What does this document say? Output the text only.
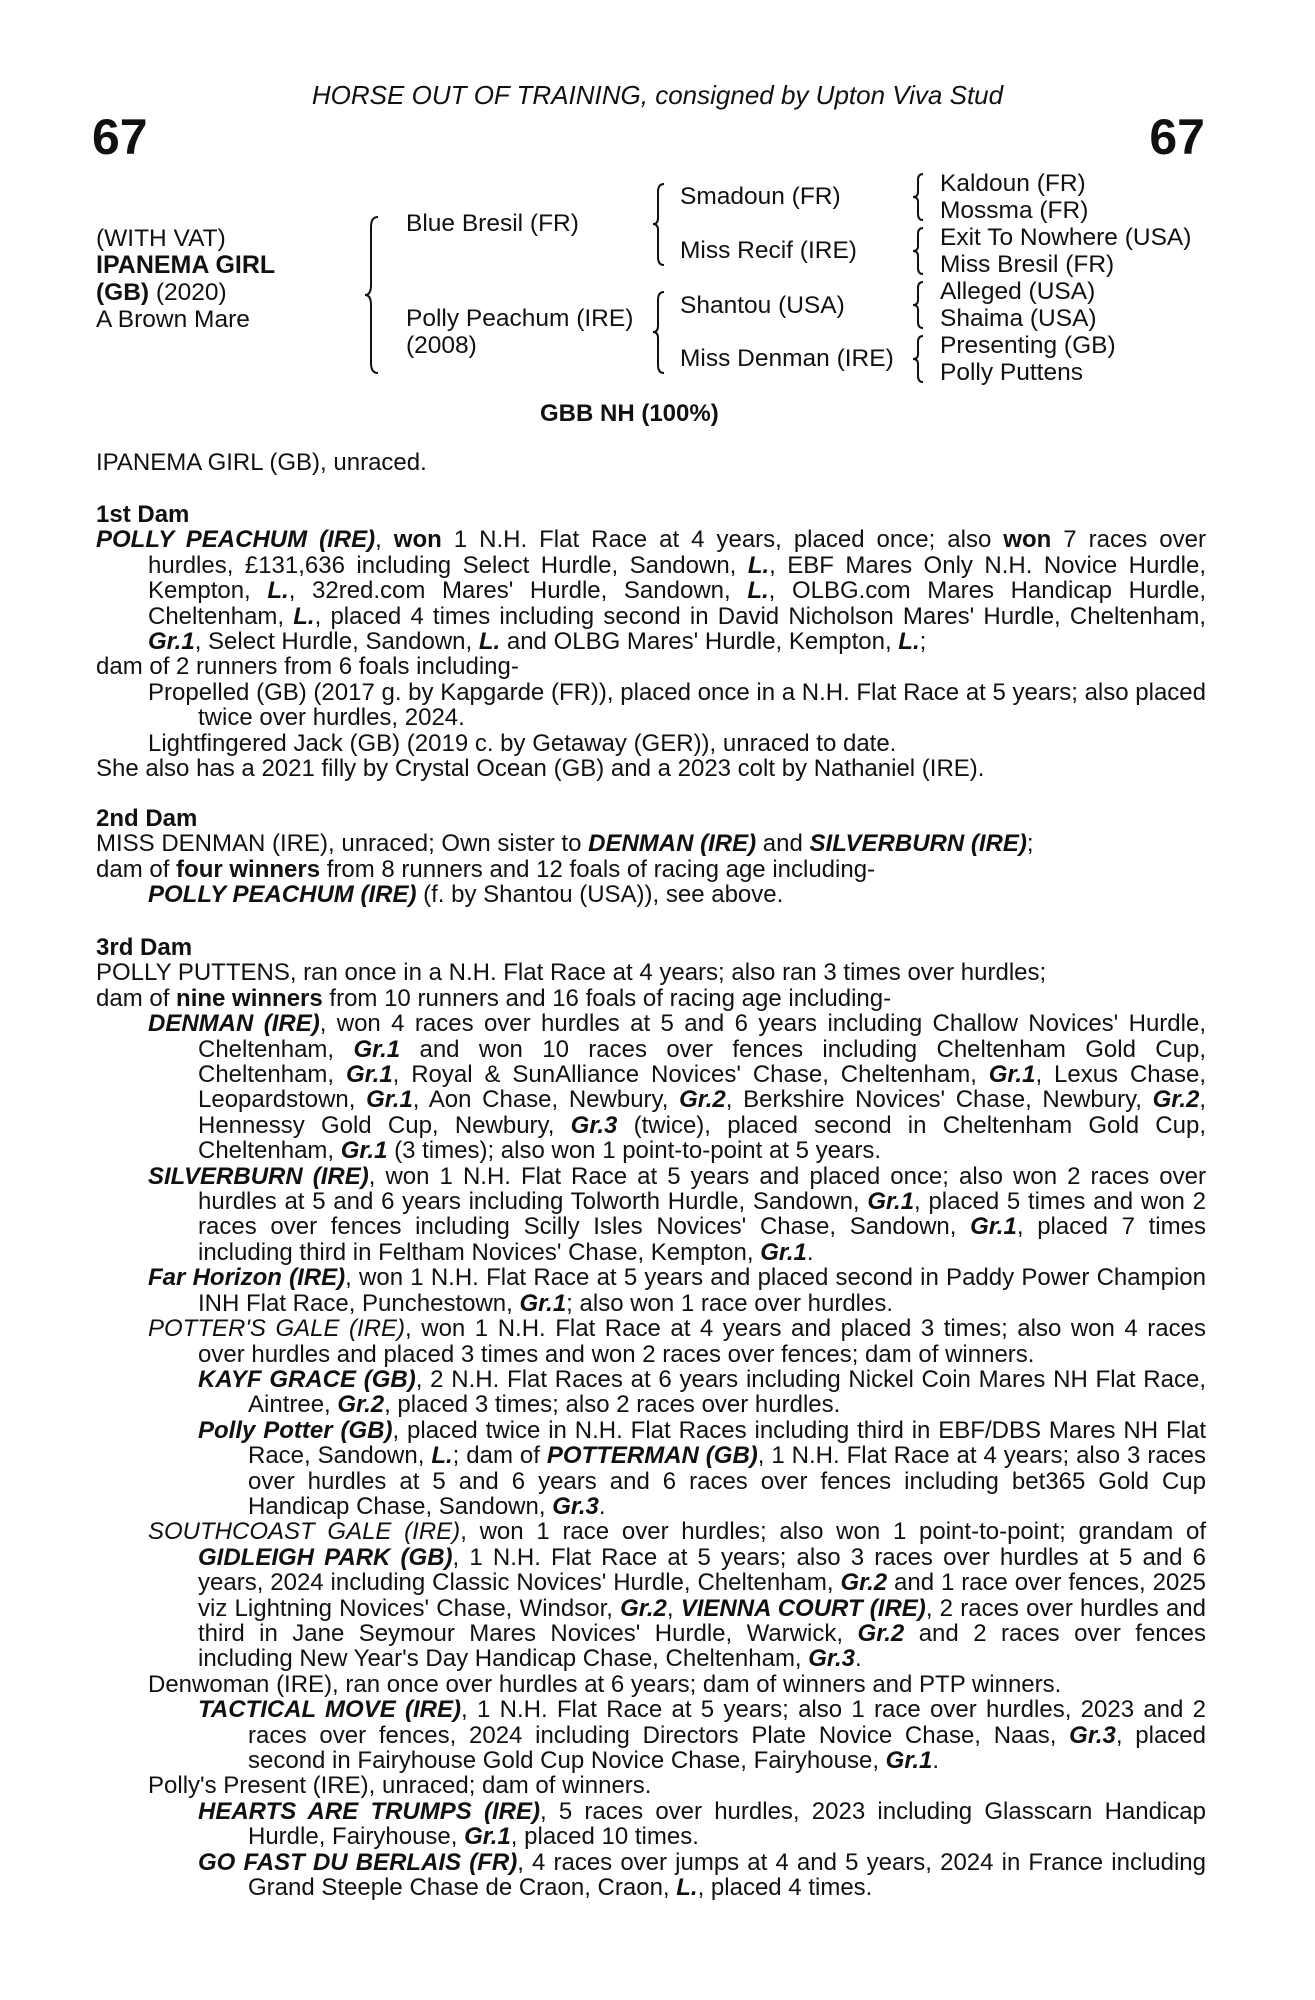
HORSE OUT OF TRAINING, consigned by Upton Viva Stud
67	67
(WITH VAT)
IPANEMA GIRL
(GB) (2020)
A Brown Mare
Blue Bresil (FR)
Polly Peachum (IRE)
(2008)
Smadoun (FR)
Miss Recif (IRE)
Shantou (USA)
Miss Denman (IRE)
Kaldoun (FR)
Mossma (FR)
Exit To Nowhere (USA)
Miss Bresil (FR)
Alleged (USA)
Shaima (USA)
Presenting (GB)
Polly Puttens
GBB NH (100%)

IPANEMA GIRL (GB), unraced.

1st Dam

POLLY PEACHUM (IRE), won 1 N.H. Flat Race at 4 years, placed once; also won 7 races over hurdles, £131,636 including Select Hurdle, Sandown, L., EBF Mares Only N.H. Novice Hurdle, Kempton, L., 32red.com Mares' Hurdle, Sandown, L., OLBG.com Mares Handicap Hurdle, Cheltenham, L., placed 4 times including second in David Nicholson Mares' Hurdle, Cheltenham, Gr.1, Select Hurdle, Sandown, L. and OLBG Mares' Hurdle, Kempton, L.;

dam of 2 runners from 6 foals including-

Propelled (GB) (2017 g. by Kapgarde (FR)), placed once in a N.H. Flat Race at 5 years; also placed twice over hurdles, 2024.

Lightfingered Jack (GB) (2019 c. by Getaway (GER)), unraced to date.

She also has a 2021 filly by Crystal Ocean (GB) and a 2023 colt by Nathaniel (IRE).

2nd Dam

MISS DENMAN (IRE), unraced; Own sister to DENMAN (IRE) and SILVERBURN (IRE);

dam of four winners from 8 runners and 12 foals of racing age including-

POLLY PEACHUM (IRE) (f. by Shantou (USA)), see above.

3rd Dam

POLLY PUTTENS, ran once in a N.H. Flat Race at 4 years; also ran 3 times over hurdles;

dam of nine winners from 10 runners and 16 foals of racing age including-

DENMAN (IRE), won 4 races over hurdles at 5 and 6 years including Challow Novices' Hurdle, Cheltenham, Gr.1 and won 10 races over fences including Cheltenham Gold Cup, Cheltenham, Gr.1, Royal & SunAlliance Novices' Chase, Cheltenham, Gr.1, Lexus Chase, Leopardstown, Gr.1, Aon Chase, Newbury, Gr.2, Berkshire Novices' Chase, Newbury, Gr.2, Hennessy Gold Cup, Newbury, Gr.3 (twice), placed second in Cheltenham Gold Cup, Cheltenham, Gr.1 (3 times); also won 1 point-to-point at 5 years.

SILVERBURN (IRE), won 1 N.H. Flat Race at 5 years and placed once; also won 2 races over hurdles at 5 and 6 years including Tolworth Hurdle, Sandown, Gr.1, placed 5 times and won 2 races over fences including Scilly Isles Novices' Chase, Sandown, Gr.1, placed 7 times including third in Feltham Novices' Chase, Kempton, Gr.1.

Far Horizon (IRE), won 1 N.H. Flat Race at 5 years and placed second in Paddy Power Champion INH Flat Race, Punchestown, Gr.1; also won 1 race over hurdles.

POTTER'S GALE (IRE), won 1 N.H. Flat Race at 4 years and placed 3 times; also won 4 races over hurdles and placed 3 times and won 2 races over fences; dam of winners.

KAYF GRACE (GB), 2 N.H. Flat Races at 6 years including Nickel Coin Mares NH Flat Race, Aintree, Gr.2, placed 3 times; also 2 races over hurdles.

Polly Potter (GB), placed twice in N.H. Flat Races including third in EBF/DBS Mares NH Flat Race, Sandown, L.; dam of POTTERMAN (GB), 1 N.H. Flat Race at 4 years; also 3 races over hurdles at 5 and 6 years and 6 races over fences including bet365 Gold Cup Handicap Chase, Sandown, Gr.3.

SOUTHCOAST GALE (IRE), won 1 race over hurdles; also won 1 point-to-point; grandam of GIDLEIGH PARK (GB), 1 N.H. Flat Race at 5 years; also 3 races over hurdles at 5 and 6 years, 2024 including Classic Novices' Hurdle, Cheltenham, Gr.2 and 1 race over fences, 2025 viz Lightning Novices' Chase, Windsor, Gr.2, VIENNA COURT (IRE), 2 races over hurdles and third in Jane Seymour Mares Novices' Hurdle, Warwick, Gr.2 and 2 races over fences including New Year's Day Handicap Chase, Cheltenham, Gr.3.

Denwoman (IRE), ran once over hurdles at 6 years; dam of winners and PTP winners.

TACTICAL MOVE (IRE), 1 N.H. Flat Race at 5 years; also 1 race over hurdles, 2023 and 2 races over fences, 2024 including Directors Plate Novice Chase, Naas, Gr.3, placed second in Fairyhouse Gold Cup Novice Chase, Fairyhouse, Gr.1.

Polly's Present (IRE), unraced; dam of winners.

HEARTS ARE TRUMPS (IRE), 5 races over hurdles, 2023 including Glasscarn Handicap Hurdle, Fairyhouse, Gr.1, placed 10 times.

GO FAST DU BERLAIS (FR), 4 races over jumps at 4 and 5 years, 2024 in France including Grand Steeple Chase de Craon, Craon, L., placed 4 times.
